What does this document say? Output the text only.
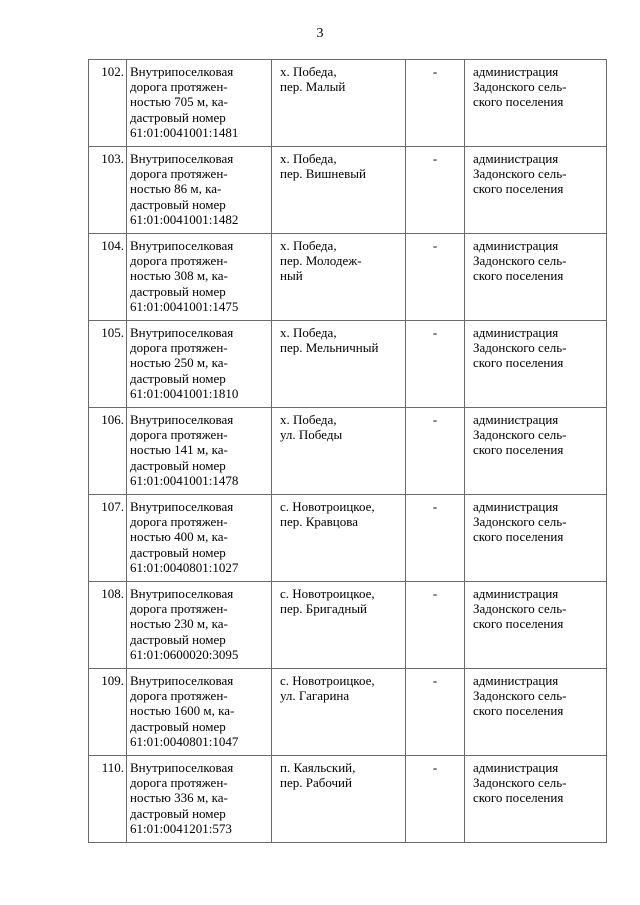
3
102.	Внутрипоселковая
дорога протяжен-
ностью 705 м, ка-
дастровый номер
61:01:0041001:1481	х. Победа,
пер. Малый	-	администрация
Задонского сель-
ского поселения

103.	Внутрипоселковая
дорога протяжен-
ностью 86 м, ка-
дастровый номер
61:01:0041001:1482	х. Победа,
пер. Вишневый	-	администрация
Задонского сель-
ского поселения

104.	Внутрипоселковая
дорога протяжен-
ностью 308 м, ка-
дастровый номер
61:01:0041001:1475	х. Победа,
пер. Молодеж-
ный	-	администрация
Задонского сель-
ского поселения

105.	Внутрипоселковая
дорога протяжен-
ностью 250 м, ка-
дастровый номер
61:01:0041001:1810	х. Победа,
пер. Мельничный	-	администрация
Задонского сель-
ского поселения

106.	Внутрипоселковая
дорога протяжен-
ностью 141 м, ка-
дастровый номер
61:01:0041001:1478	х. Победа,
ул. Победы	-	администрация
Задонского сель-
ского поселения

107.	Внутрипоселковая
дорога протяжен-
ностью 400 м, ка-
дастровый номер
61:01:0040801:1027	с. Новотроицкое,
пер. Кравцова	-	администрация
Задонского сель-
ского поселения

108.	Внутрипоселковая
дорога протяжен-
ностью 230 м, ка-
дастровый номер
61:01:0600020:3095	с. Новотроицкое,
пер. Бригадный	-	администрация
Задонского сель-
ского поселения

109.	Внутрипоселковая
дорога протяжен-
ностью 1600 м, ка-
дастровый номер
61:01:0040801:1047	с. Новотроицкое,
ул. Гагарина	-	администрация
Задонского сель-
ского поселения

110.	Внутрипоселковая
дорога протяжен-
ностью 336 м, ка-
дастровый номер
61:01:0041201:573	п. Каяльский,
пер. Рабочий	-	администрация
Задонского сель-
ского поселения
